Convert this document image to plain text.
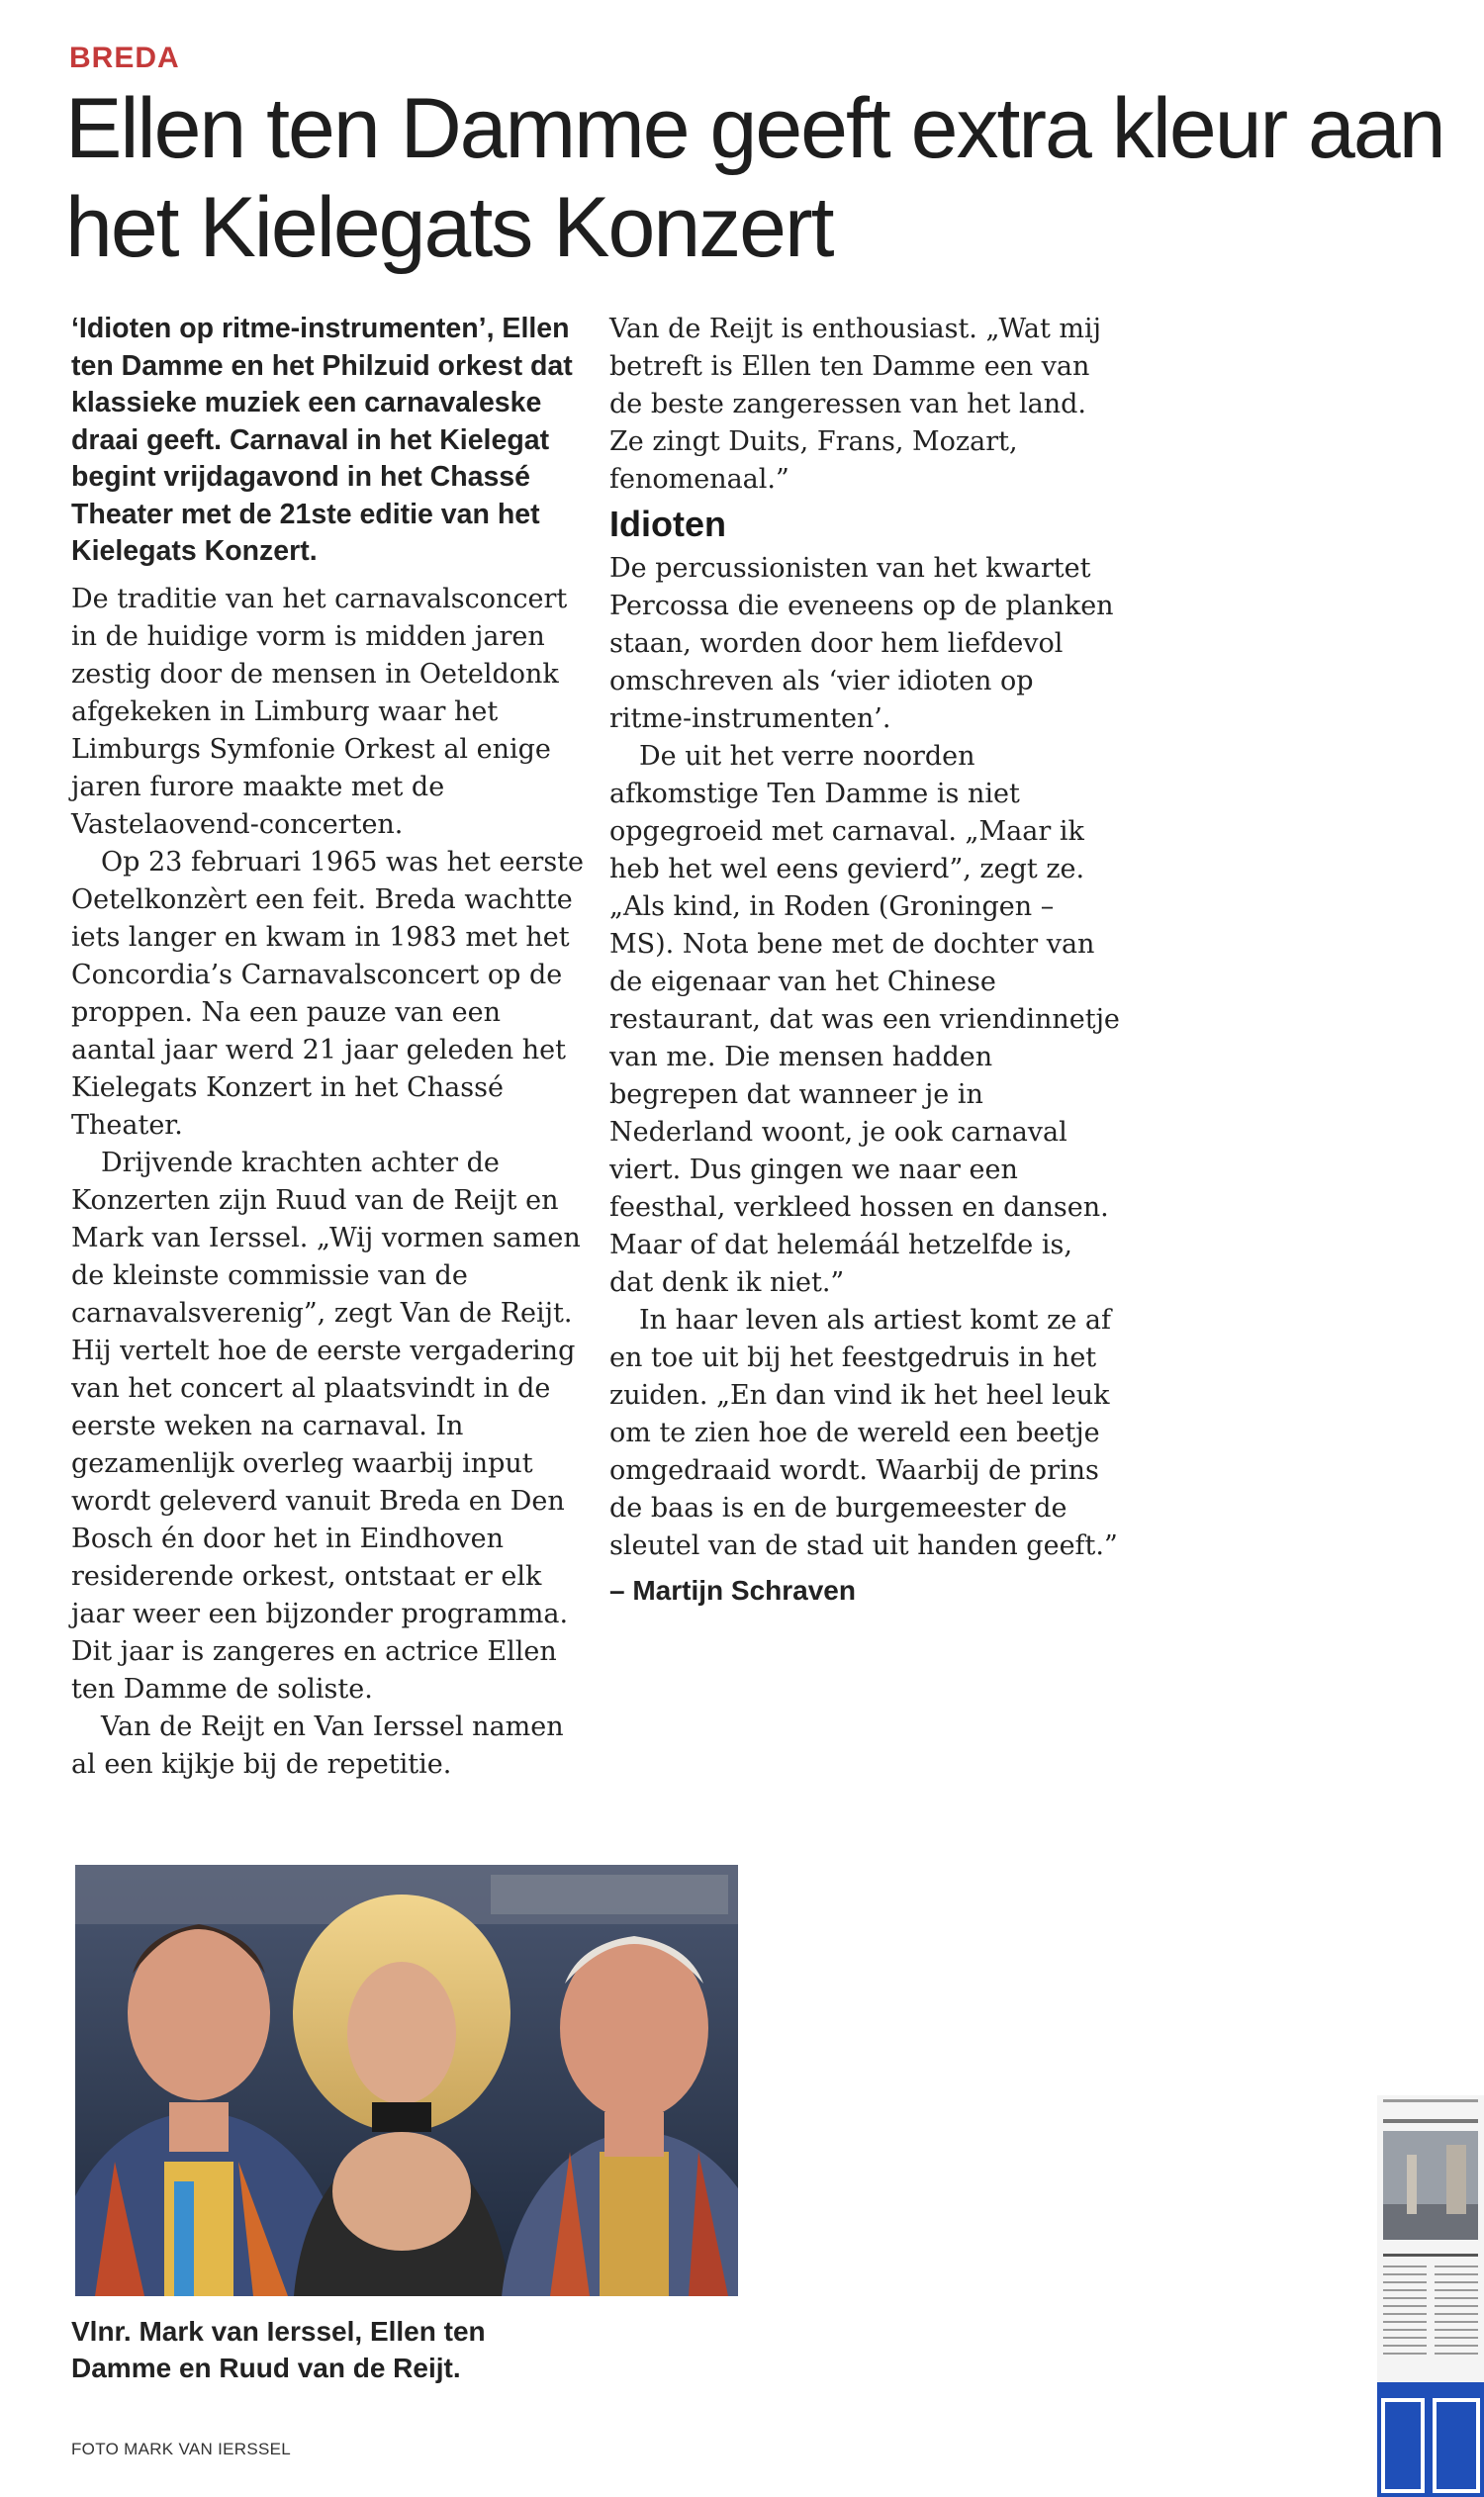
BREDA
Ellen ten Damme geeft extra kleur aan het Kielegats Konzert

‘Idioten op ritme-instrumenten’, Ellen ten Damme en het Philzuid orkest dat klassieke muziek een carnavaleske draai geeft. Carnaval in het Kielegat begint vrijdagavond in het Chassé Theater met de 21ste editie van het Kielegats Konzert.

De traditie van het carnavalsconcert in de huidige vorm is midden jaren zestig door de mensen in Oeteldonk afgekeken in Limburg waar het Limburgs Symfonie Orkest al enige jaren furore maakte met de Vastelaovend-concerten.

Op 23 februari 1965 was het eerste Oetelkonzèrt een feit. Breda wachtte iets langer en kwam in 1983 met het Concordia’s Carnavalsconcert op de proppen. Na een pauze van een aantal jaar werd 21 jaar geleden het Kielegats Konzert in het Chassé Theater.

Drijvende krachten achter de Konzerten zijn Ruud van de Reijt en Mark van Ierssel. „Wij vormen samen de kleinste commissie van de carnavalsverenig”, zegt Van de Reijt. Hij vertelt hoe de eerste vergadering van het concert al plaatsvindt in de eerste weken na carnaval. In gezamenlijk overleg waarbij input wordt geleverd vanuit Breda en Den Bosch én door het in Eindhoven residerende orkest, ontstaat er elk jaar weer een bijzonder programma. Dit jaar is zangeres en actrice Ellen ten Damme de soliste.

Van de Reijt en Van Ierssel namen al een kijkje bij de repetitie.

Van de Reijt is enthousiast. „Wat mij betreft is Ellen ten Damme een van de beste zangeressen van het land. Ze zingt Duits, Frans, Mozart, fenomenaal.”

Idioten

De percussionisten van het kwartet Percossa die eveneens op de planken staan, worden door hem liefdevol omschreven als ‘vier idioten op ritme-instrumenten’.

De uit het verre noorden afkomstige Ten Damme is niet opgegroeid met carnaval. „Maar ik heb het wel eens gevierd”, zegt ze. „Als kind, in Roden (Groningen – MS). Nota bene met de dochter van de eigenaar van het Chinese restaurant, dat was een vriendinnetje van me. Die mensen hadden begrepen dat wanneer je in Nederland woont, je ook carnaval viert. Dus gingen we naar een feesthal, verkleed hossen en dansen. Maar of dat helemáál hetzelfde is, dat denk ik niet.”

In haar leven als artiest komt ze af en toe uit bij het feestgedruis in het zuiden. „En dan vind ik het heel leuk om te zien hoe de wereld een beetje omgedraaid wordt. Waarbij de prins de baas is en de burgemeester de sleutel van de stad uit handen geeft.”

– Martijn Schraven

Vlnr. Mark van Ierssel, Ellen ten Damme en Ruud van de Reijt.

FOTO MARK VAN IERSSEL
